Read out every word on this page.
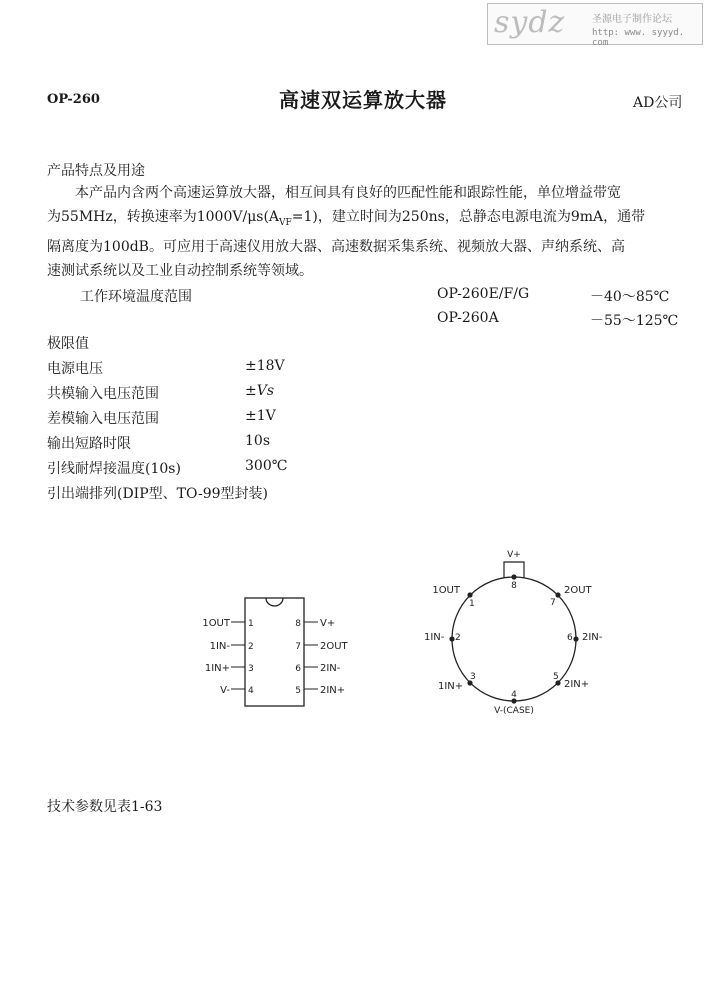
sydz	圣源电子制作论坛
http: www. syyyd. com
OP-260	高速双运算放大器	AD公司
产品特点及用途
　　本产品内含两个高速运算放大器，相互间具有良好的匹配性能和跟踪性能，单位增益带宽
为55MHz，转换速率为$1000V/\mu s(A_{VF}=1)$，建立时间为250ns，总静态电源电流为9mA，通带
隔离度为100dB。可应用于高速仪用放大器、高速数据采集系统、视频放大器、声纳系统、高
速测试系统以及工业自动控制系统等领域。
工作环境温度范围	OP-260E/F/G	－40～85℃
OP-260A	－55～125℃
极限值
电源电压	±18V
共模输入电压范围	±Vs
差模输入电压范围	±1V
输出短路时限	10s
引线耐焊接温度(10s)	300℃
引出端排列(DIP型、TO-99型封装)
1OUT
1IN-
1IN+
V-
1
2
3
4
8
7
6
5
V+
2OUT
2IN-
2IN+
V+
8
1OUT
1
2OUT
7
1IN- 2	2IN-
6
1IN+
3
2IN+
5
4
V-(CASE)
技术参数见表1-63
